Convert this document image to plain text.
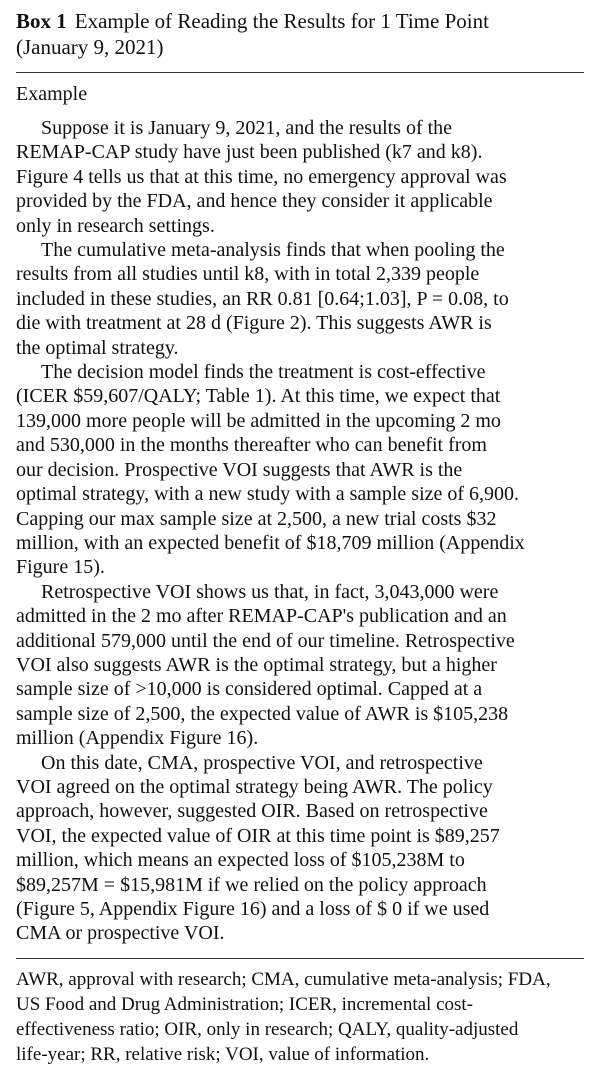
Box 1 Example of Reading the Results for 1 Time Point
(January 9, 2021)
Example
Suppose it is January 9, 2021, and the results of the
REMAP-CAP study have just been published (k7 and k8).
Figure 4 tells us that at this time, no emergency approval was
provided by the FDA, and hence they consider it applicable
only in research settings.
The cumulative meta-analysis finds that when pooling the
results from all studies until k8, with in total 2,339 people
included in these studies, an RR 0.81 [0.64;1.03], P = 0.08, to
die with treatment at 28 d (Figure 2). This suggests AWR is
the optimal strategy.
The decision model finds the treatment is cost-effective
(ICER $59,607/QALY; Table 1). At this time, we expect that
139,000 more people will be admitted in the upcoming 2 mo
and 530,000 in the months thereafter who can benefit from
our decision. Prospective VOI suggests that AWR is the
optimal strategy, with a new study with a sample size of 6,900.
Capping our max sample size at 2,500, a new trial costs $32
million, with an expected benefit of $18,709 million (Appendix
Figure 15).
Retrospective VOI shows us that, in fact, 3,043,000 were
admitted in the 2 mo after REMAP-CAP's publication and an
additional 579,000 until the end of our timeline. Retrospective
VOI also suggests AWR is the optimal strategy, but a higher
sample size of >10,000 is considered optimal. Capped at a
sample size of 2,500, the expected value of AWR is $105,238
million (Appendix Figure 16).
On this date, CMA, prospective VOI, and retrospective
VOI agreed on the optimal strategy being AWR. The policy
approach, however, suggested OIR. Based on retrospective
VOI, the expected value of OIR at this time point is $89,257
million, which means an expected loss of $105,238M to
$89,257M = $15,981M if we relied on the policy approach
(Figure 5, Appendix Figure 16) and a loss of $ 0 if we used
CMA or prospective VOI.
AWR, approval with research; CMA, cumulative meta-analysis; FDA,
US Food and Drug Administration; ICER, incremental cost-
effectiveness ratio; OIR, only in research; QALY, quality-adjusted
life-year; RR, relative risk; VOI, value of information.
